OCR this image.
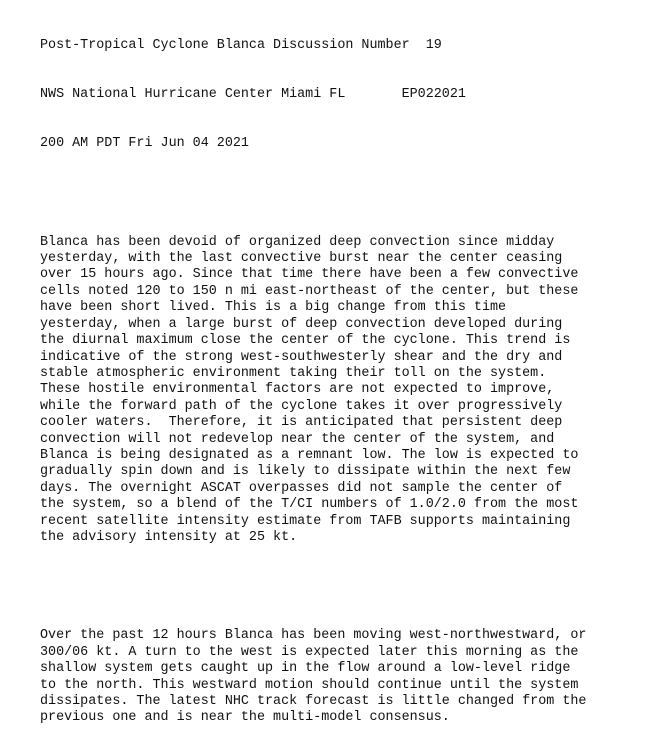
Post-Tropical Cyclone Blanca Discussion Number  19

NWS National Hurricane Center Miami FL       EP022021

200 AM PDT Fri Jun 04 2021

Blanca has been devoid of organized deep convection since midday
yesterday, with the last convective burst near the center ceasing
over 15 hours ago. Since that time there have been a few convective
cells noted 120 to 150 n mi east-northeast of the center, but these
have been short lived. This is a big change from this time
yesterday, when a large burst of deep convection developed during
the diurnal maximum close the center of the cyclone. This trend is
indicative of the strong west-southwesterly shear and the dry and
stable atmospheric environment taking their toll on the system.
These hostile environmental factors are not expected to improve,
while the forward path of the cyclone takes it over progressively
cooler waters.  Therefore, it is anticipated that persistent deep
convection will not redevelop near the center of the system, and
Blanca is being designated as a remnant low. The low is expected to
gradually spin down and is likely to dissipate within the next few
days. The overnight ASCAT overpasses did not sample the center of
the system, so a blend of the T/CI numbers of 1.0/2.0 from the most
recent satellite intensity estimate from TAFB supports maintaining
the advisory intensity at 25 kt.

Over the past 12 hours Blanca has been moving west-northwestward, or
300/06 kt. A turn to the west is expected later this morning as the
shallow system gets caught up in the flow around a low-level ridge
to the north. This westward motion should continue until the system
dissipates. The latest NHC track forecast is little changed from the
previous one and is near the multi-model consensus.
